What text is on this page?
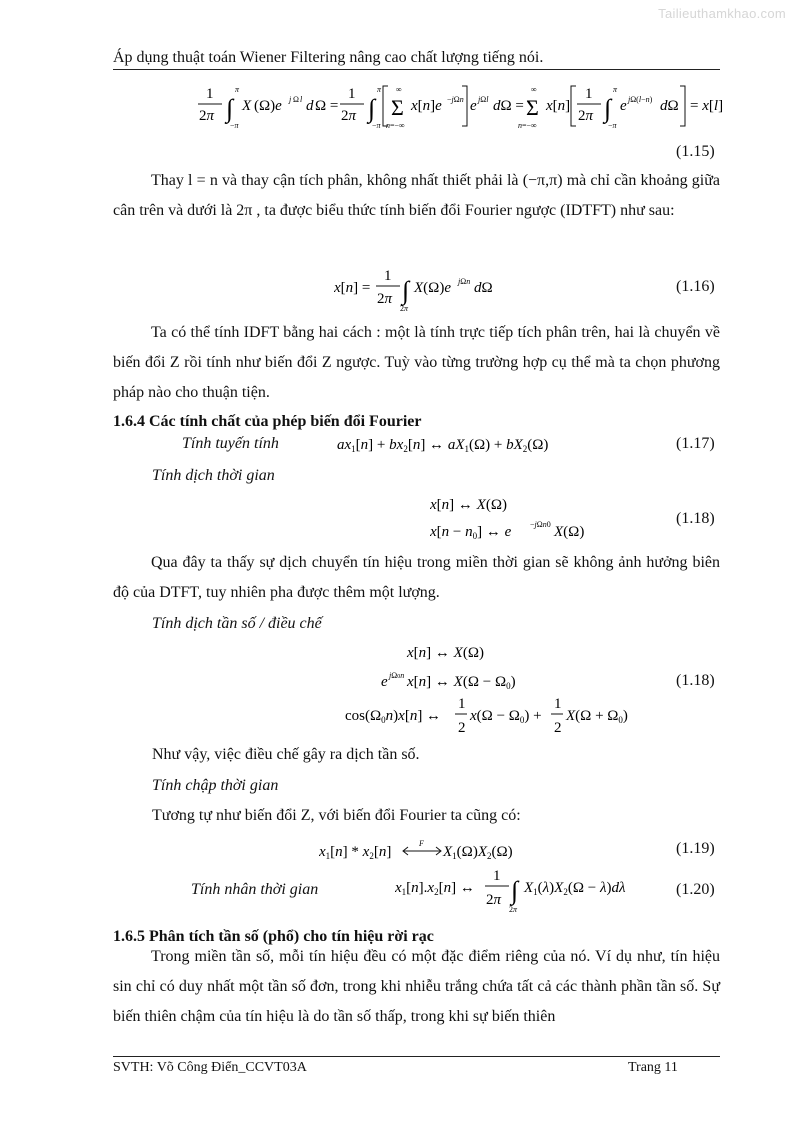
Tailieuthamkhao.com
Áp dụng thuật toán Wiener Filtering nâng cao chất lượng tiếng nói.
1
2π ∫
π
−π
X (Ω)e j Ω l d Ω =
1
2π ∫
π
−π
Σ
∞
n=−∞
x[n]e −jΩn e jΩl dΩ = Σ
∞
n=−∞
x[n]
1
2π ∫
π
−π
e jΩ(l−n) dΩ = x[l]
(1.15)

Thay l = n và thay cận tích phân, không nhất thiết phải là (−π,π) mà chỉ cần khoảng giữa cân trên và dưới là 2π , ta được biểu thức tính biến đổi Fourier ngược (IDTFT) như sau:

x[n] =
1
2π ∫
2π
X(Ω)e jΩn dΩ	(1.16)

Ta có thể tính IDFT bằng hai cách : một là tính trực tiếp tích phân trên, hai là chuyển về biến đổi Z rồi tính như biến đổi Z ngược. Tuỳ vào từng trường hợp cụ thể mà ta chọn phương pháp nào cho thuận tiện.

1.6.4 Các tính chất của phép biến đổi Fourier
Tính tuyến tính	$ax_1[n] + bx_2[n]$ ↔ $aX_1(\Omega) + bX_2(\Omega)$	(1.17)
Tính dịch thời gian
x[n] ↔ X(Ω)
$x[n - n_0]$ ↔ e −jΩn0 X(Ω)
(1.18)

Qua đây ta thấy sự dịch chuyển tín hiệu trong miền thời gian sẽ không ảnh hưởng biên độ của DTFT, tuy nhiên pha được thêm một lượng.

Tính dịch tần số / điều chế
x[n] ↔ X(Ω)
e jΩ0n x[n] ↔ $X(\Omega - \Omega_0)$
$\cos(\Omega_0n)x[n]$ ↔
1
2
$x(\Omega - \Omega_0)$ +
1
2
$X(\Omega + \Omega_0)$
(1.18)
Như vậy, việc điều chế gây ra dịch tần số.
Tính chập thời gian
Tương tự như biến đổi Z, với biến đổi Fourier ta cũng có:
$x_1[n] * x_2[n]$
F
$X_1(\Omega)X_2(\Omega)$	(1.19)
Tính nhân thời gian	$x_1[n].x_2[n]$ ↔
1
2π ∫
2π
$X_1(\lambda)X_2(\Omega - \lambda)d\lambda$	(1.20)
1.6.5 Phân tích tần số (phổ) cho tín hiệu rời rạc

Trong miền tần số, mỗi tín hiệu đều có một đặc điểm riêng của nó. Ví dụ như, tín hiệu sin chỉ có duy nhất một tần số đơn, trong khi nhiễu trắng chứa tất cả các thành phần tần số. Sự biến thiên chậm của tín hiệu là do tần số thấp, trong khi sự biến thiên

SVTH: Võ Công Điển_CCVT03A	Trang 11
